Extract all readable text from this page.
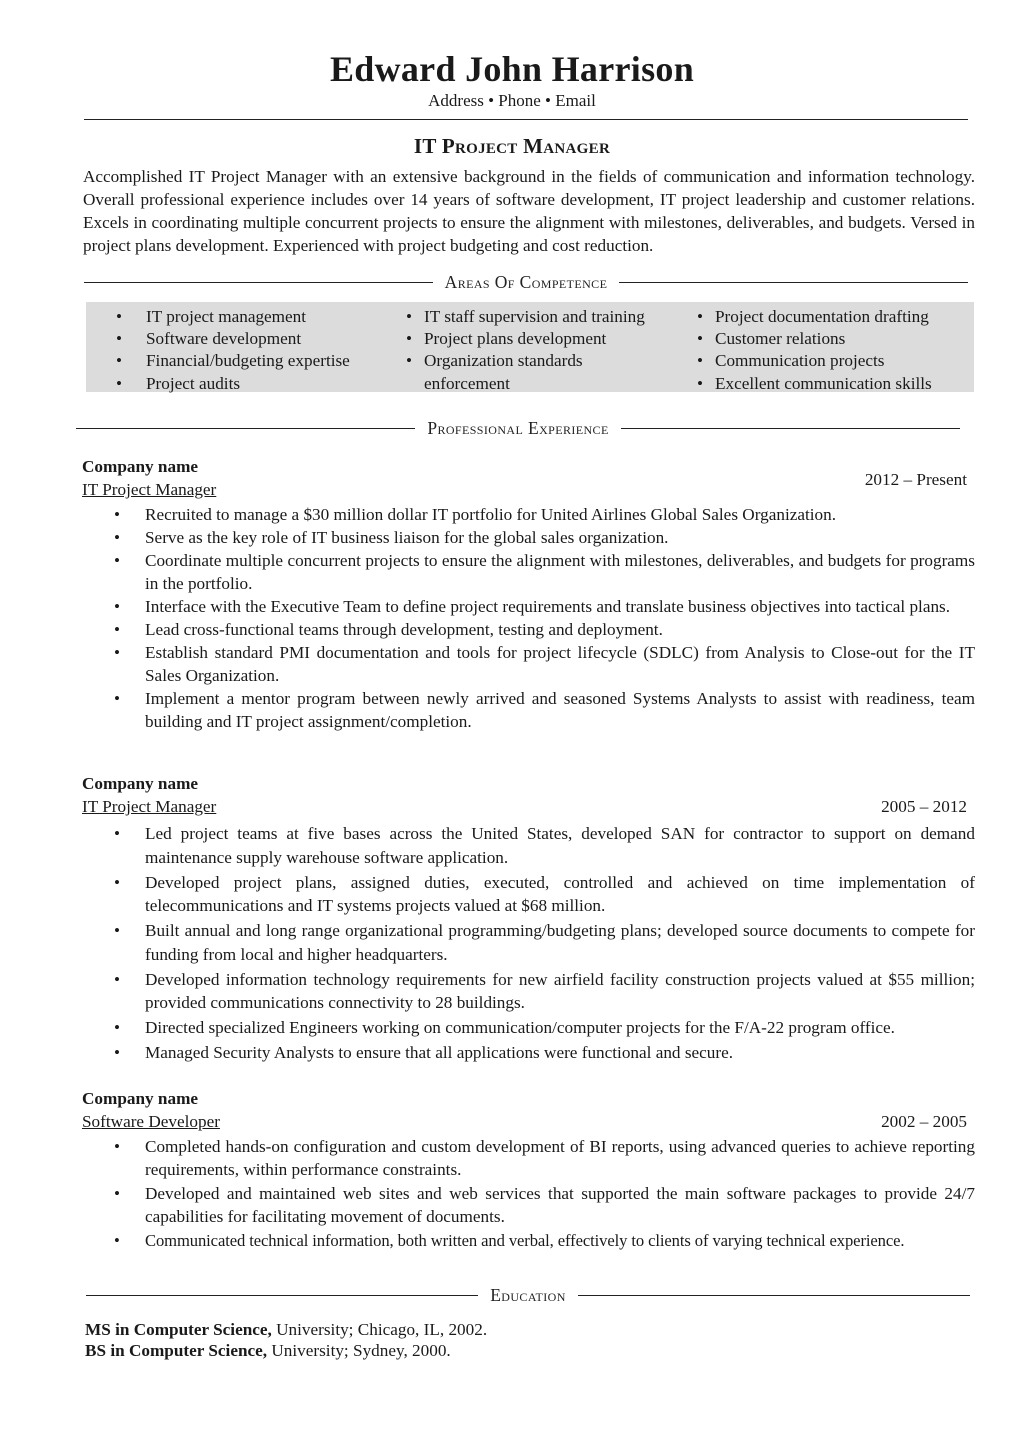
Edward John Harrison
Address • Phone • Email
IT Project Manager
Accomplished IT Project Manager with an extensive background in the fields of communication and information technology. Overall professional experience includes over 14 years of software development, IT project leadership and customer relations. Excels in coordinating multiple concurrent projects to ensure the alignment with milestones, deliverables, and budgets. Versed in project plans development. Experienced with project budgeting and cost reduction.
Areas Of Competence
• IT project management
• Software development
• Financial/budgeting expertise
• Project audits
• IT staff supervision and training
• Project plans development
• Organization standards enforcement
• Project documentation drafting
• Customer relations
• Communication projects
• Excellent communication skills
Professional Experience
Company name
IT Project Manager
2012 – Present
• Recruited to manage a $30 million dollar IT portfolio for United Airlines Global Sales Organization.
• Serve as the key role of IT business liaison for the global sales organization.
• Coordinate multiple concurrent projects to ensure the alignment with milestones, deliverables, and budgets for programs in the portfolio.
• Interface with the Executive Team to define project requirements and translate business objectives into tactical plans.
• Lead cross-functional teams through development, testing and deployment.
• Establish standard PMI documentation and tools for project lifecycle (SDLC) from Analysis to Close-out for the IT Sales Organization.
• Implement a mentor program between newly arrived and seasoned Systems Analysts to assist with readiness, team building and IT project assignment/completion.
Company name
IT Project Manager	2005 – 2012
• Led project teams at five bases across the United States, developed SAN for contractor to support on demand maintenance supply warehouse software application.
• Developed project plans, assigned duties, executed, controlled and achieved on time implementation of telecommunications and IT systems projects valued at $68 million.
• Built annual and long range organizational programming/budgeting plans; developed source documents to compete for funding from local and higher headquarters.
• Developed information technology requirements for new airfield facility construction projects valued at $55 million; provided communications connectivity to 28 buildings.
• Directed specialized Engineers working on communication/computer projects for the F/A-22 program office.
• Managed Security Analysts to ensure that all applications were functional and secure.
Company name
Software Developer	2002 – 2005
• Completed hands-on configuration and custom development of BI reports, using advanced queries to achieve reporting requirements, within performance constraints.
• Developed and maintained web sites and web services that supported the main software packages to provide 24/7 capabilities for facilitating movement of documents.
• Communicated technical information, both written and verbal, effectively to clients of varying technical experience.
Education
MS in Computer Science, University; Chicago, IL, 2002.
BS in Computer Science, University; Sydney, 2000.
